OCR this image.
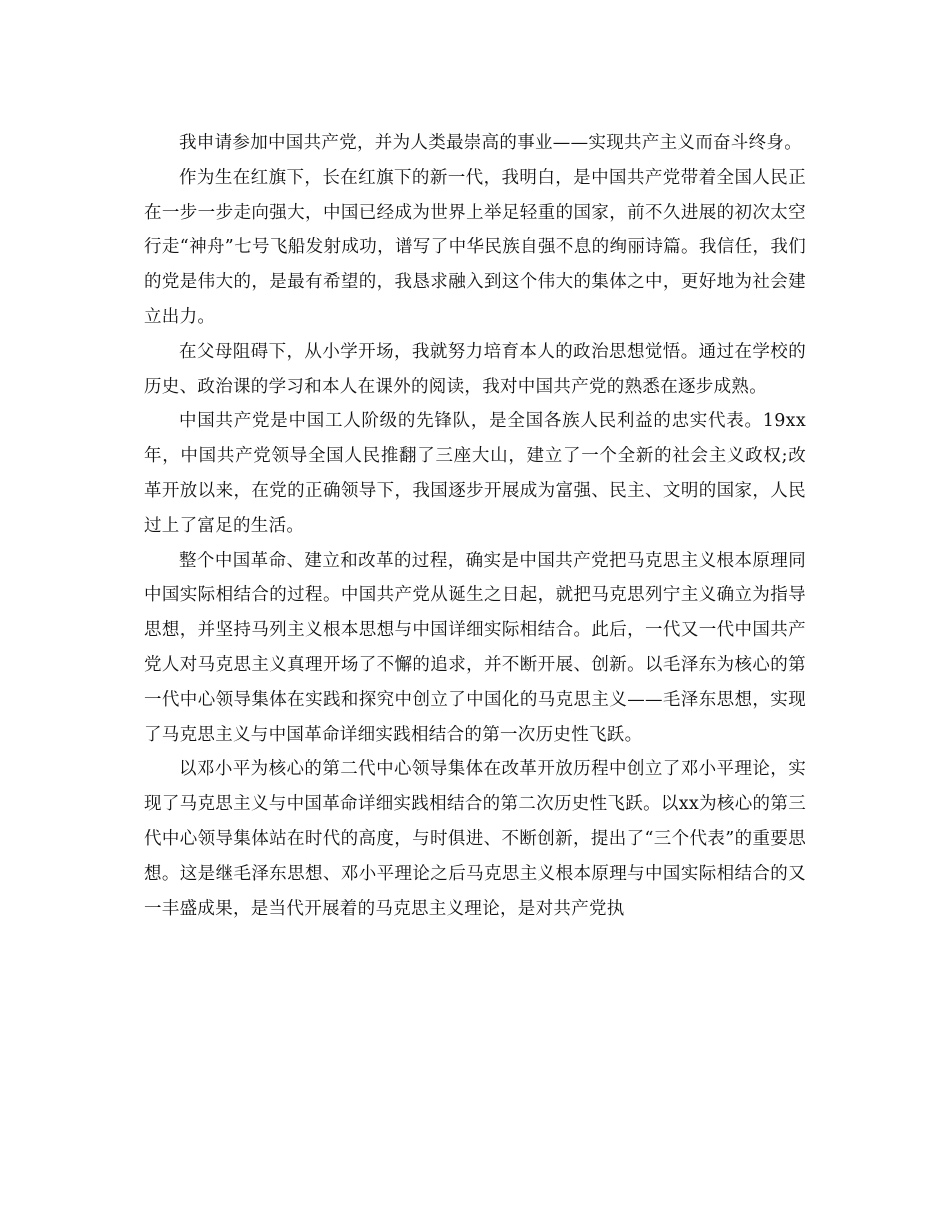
我申请参加中国共产党，并为人类最崇高的事业——实现共产主义而奋斗终身。

作为生在红旗下，长在红旗下的新一代，我明白，是中国共产党带着全国人民正在一步一步走向强大，中国已经成为世界上举足轻重的国家，前不久进展的初次太空行走“神舟”七号飞船发射成功，谱写了中华民族自强不息的绚丽诗篇。我信任，我们的党是伟大的，是最有希望的，我恳求融入到这个伟大的集体之中，更好地为社会建立出力。

在父母阻碍下，从小学开场，我就努力培育本人的政治思想觉悟。通过在学校的历史、政治课的学习和本人在课外的阅读，我对中国共产党的熟悉在逐步成熟。

中国共产党是中国工人阶级的先锋队，是全国各族人民利益的忠实代表。19xx年，中国共产党领导全国人民推翻了三座大山，建立了一个全新的社会主义政权;改革开放以来，在党的正确领导下，我国逐步开展成为富强、民主、文明的国家，人民过上了富足的生活。

整个中国革命、建立和改革的过程，确实是中国共产党把马克思主义根本原理同中国实际相结合的过程。中国共产党从诞生之日起，就把马克思列宁主义确立为指导思想，并坚持马列主义根本思想与中国详细实际相结合。此后，一代又一代中国共产党人对马克思主义真理开场了不懈的追求，并不断开展、创新。以毛泽东为核心的第一代中心领导集体在实践和探究中创立了中国化的马克思主义——毛泽东思想，实现了马克思主义与中国革命详细实践相结合的第一次历史性飞跃。

以邓小平为核心的第二代中心领导集体在改革开放历程中创立了邓小平理论，实现了马克思主义与中国革命详细实践相结合的第二次历史性飞跃。以xx为核心的第三代中心领导集体站在时代的高度，与时俱进、不断创新，提出了“三个代表”的重要思想。这是继毛泽东思想、邓小平理论之后马克思主义根本原理与中国实际相结合的又一丰盛成果，是当代开展着的马克思主义理论，是对共产党执
